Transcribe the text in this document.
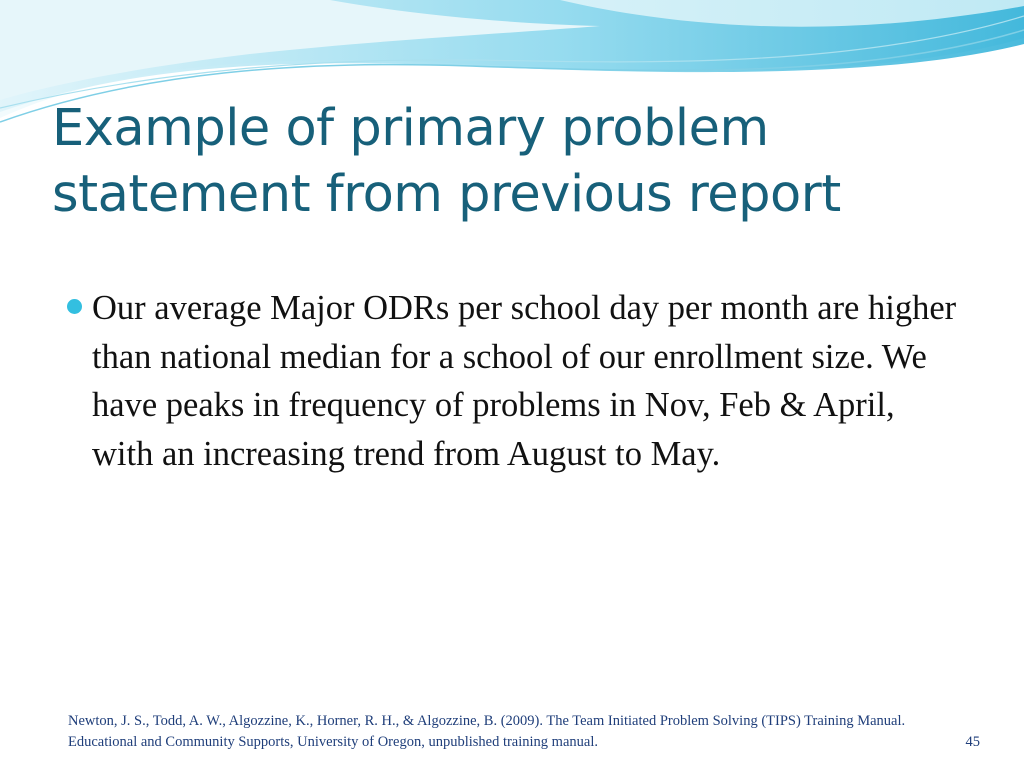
Example of primary problem statement from previous report
Our average Major ODRs per school day per month are higher than national median for a school of our enrollment size. We have peaks in frequency of problems in Nov, Feb & April, with an increasing trend from August to May.
Newton, J. S., Todd, A. W., Algozzine, K., Horner, R. H., & Algozzine, B. (2009). The Team Initiated Problem Solving (TIPS) Training Manual. Educational and Community Supports, University of Oregon, unpublished training manual.	45
